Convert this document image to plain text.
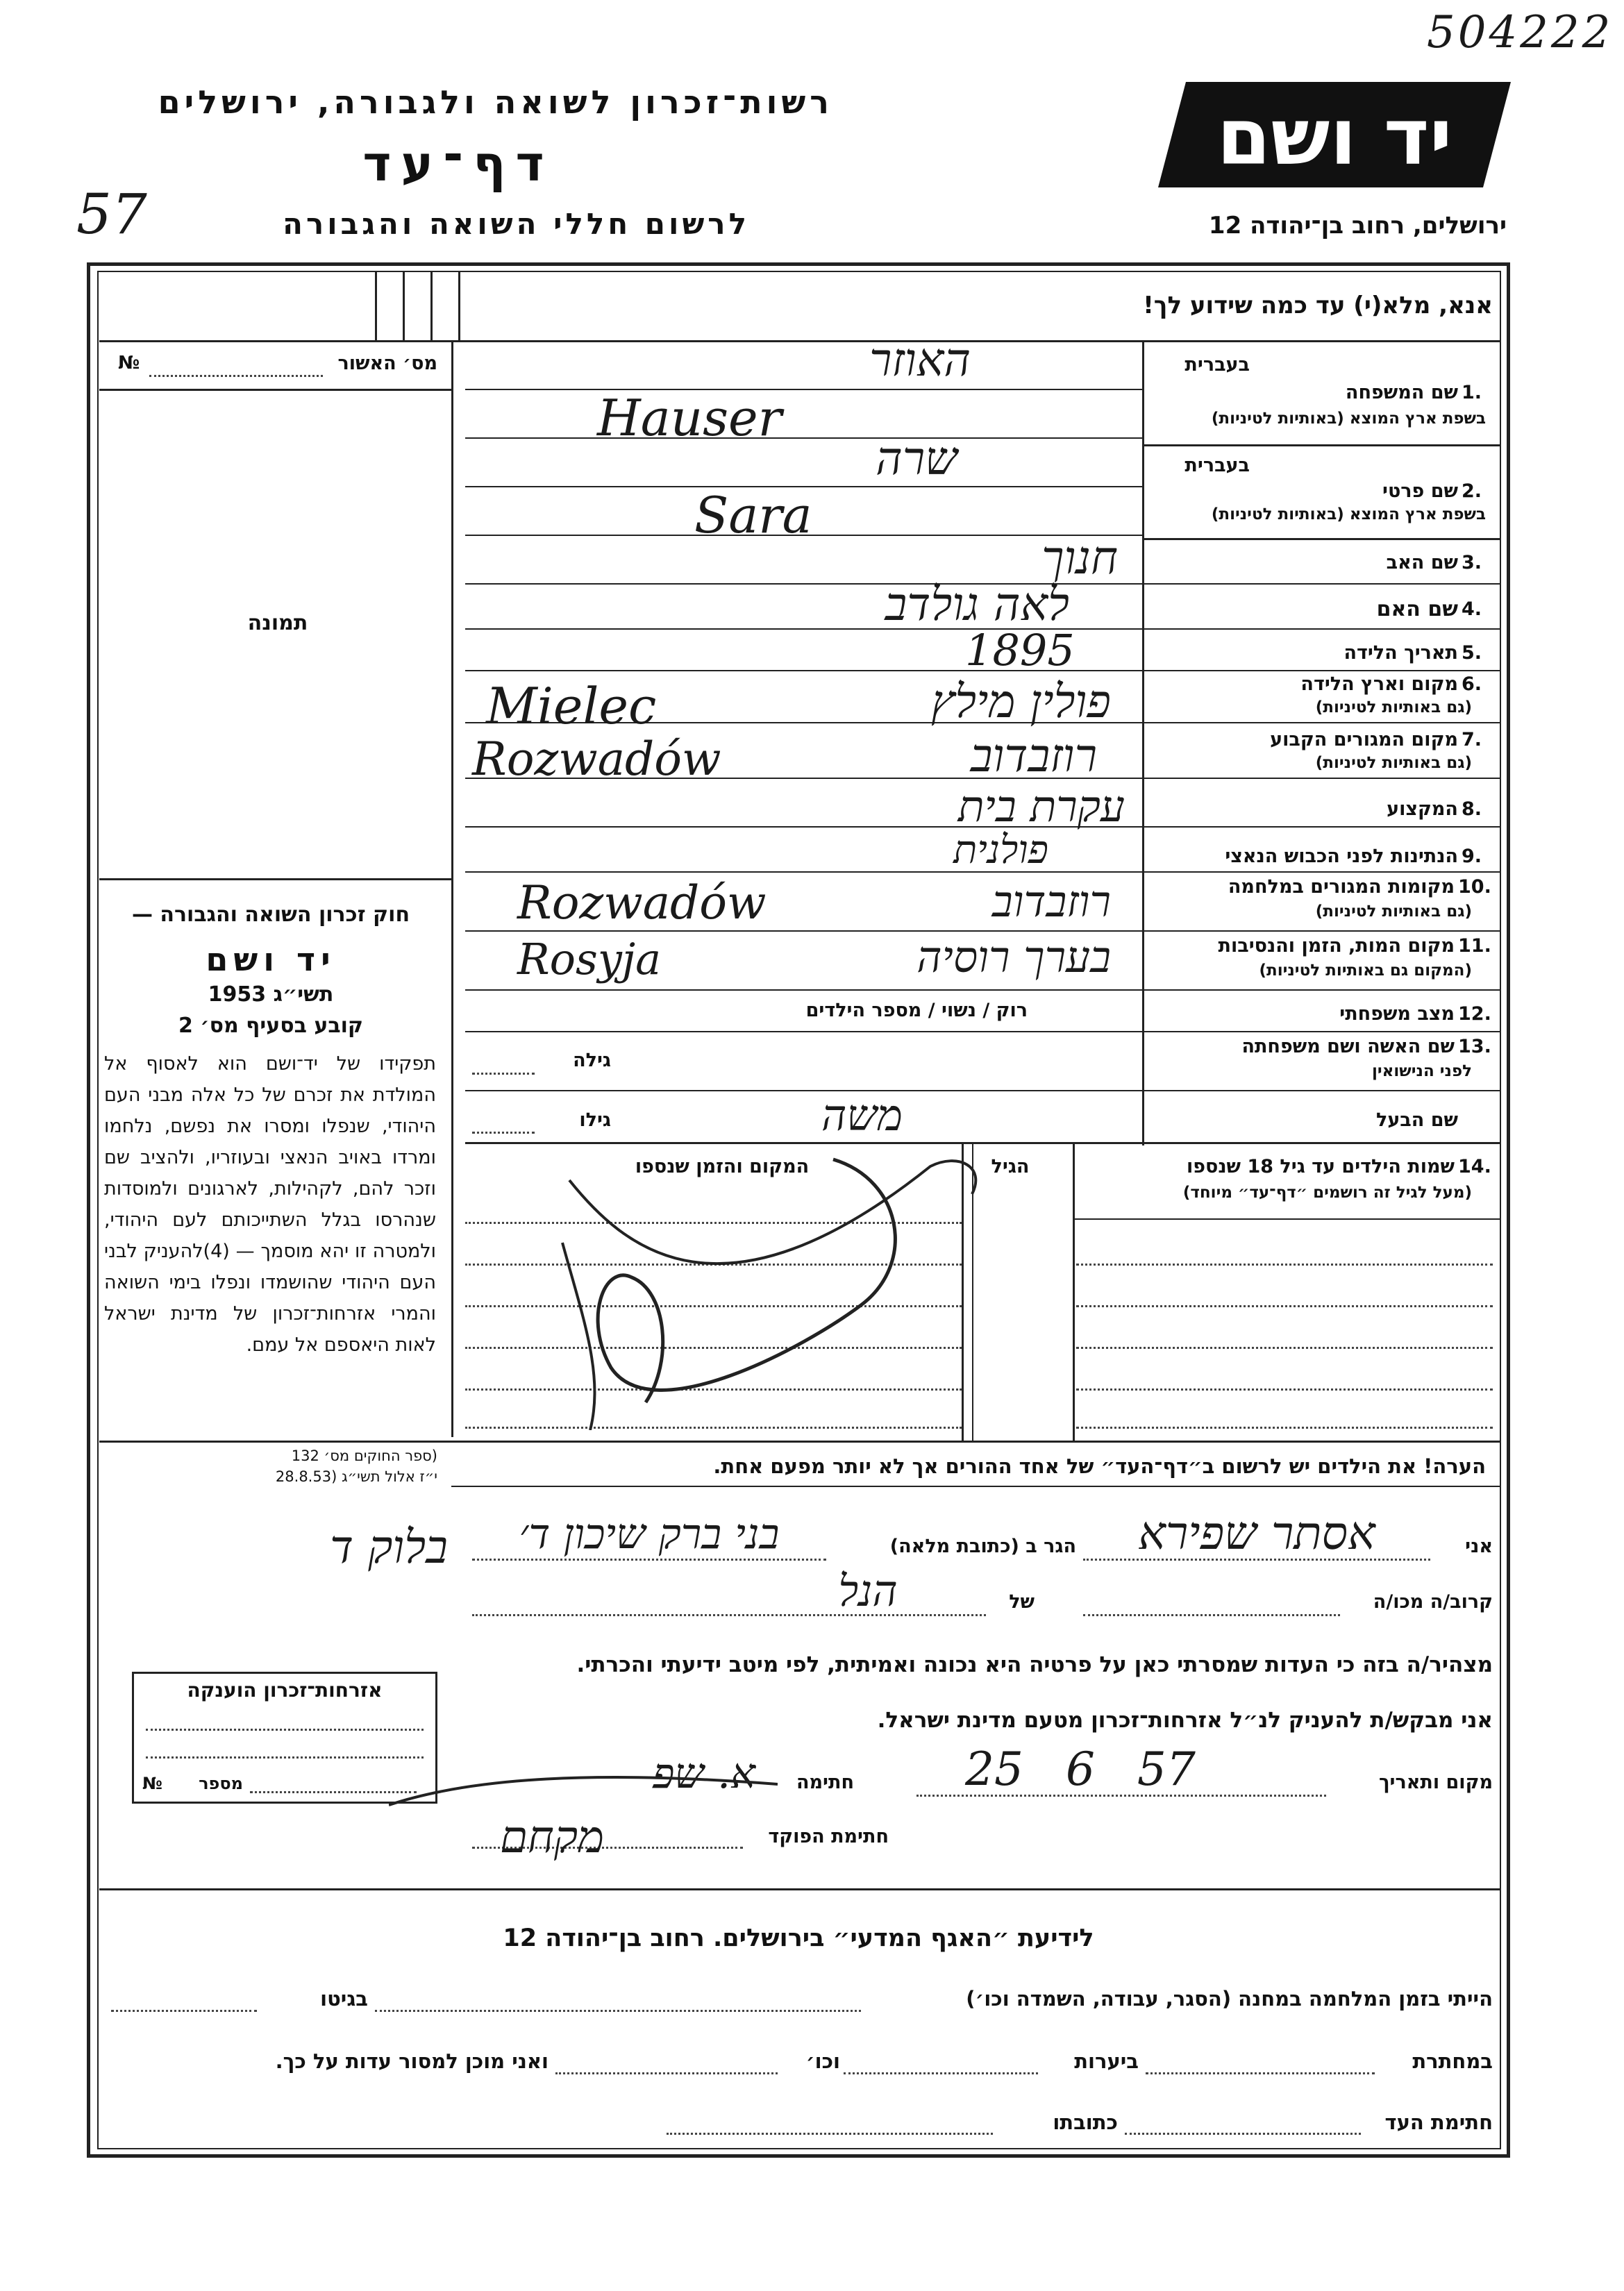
504222
רשות־זכרון לשואה ולגבורה, ירושלים
דף־עד
לרשום חללי השואה והגבורה
57
יד ושם
ירושלים, רחוב בן־יהודה 12
אנא, מלא(י) עד כמה שידוע לך!
מס׳ האשור
№
תמונה
חוק זכרון השואה והגבורה —
יד ושם
תשי״ג 1953
קובע בסעיף מס׳ 2
תפקידו של יד־ושם הוא לאסוף אל המולדת את זכרם של כל אלה מבני העם היהודי, שנפלו ומסרו את נפשם, נלחמו ומרדו באויב הנאצי ובעוזריו, ולהציב שם וזכר להם, לקהילות, לארגונים ולמוסדות שנהרסו בגלל השתייכותם לעם היהודי, ולמטרה זו יהא מוסמך — (4)להעניק לבני העם היהודי שהושמדו ונפלו בימי השואה והמרי אזרחות־זכרון של מדינת ישראל לאות היאספם אל עמם.
(ספר החוקים מס׳ 132
י״ז אלול תשי״ג (28.8.53
בעברית
1.
שם המשפחה
בשפת ארץ המוצא (באותיות לטיניות)
האוזר
Hauser
בעברית
2.
שם פרטי
בשפת ארץ המוצא (באותיות לטיניות)
שרה
Sara
3.
שם האב
חנוך
4.
שם האם
לאה גולדב
5.
תאריך הלידה
1895
6.
מקום וארץ הלידה
(גם באותיות לטיניות)
פולין מילץ
Mielec
7.
מקום המגורים הקבוע
(גם באותיות לטיניות)
רוזבדוב
Rozwadów
8.
המקצוע
עקרת בית
9.
הנתינות לפני הכבוש הנאצי
פולנית
10.
מקומות המגורים במלחמה
(גם באותיות לטיניות)
רוזבדוב
Rozwadów
11.
מקום המות, הזמן והנסיבות
(המקום גם באותיות לטיניות)
בערך רוסיה
Rosyja
12.
מצב משפחתי
רוק / נשוי / מספר הילדים
13.
שם האשה ושם משפחתה
לפני הנישואין
גילה
שם הבעל
גילו	משה
14.
שמות הילדים עד גיל 18 שנספו
(מעל לגיל זה רושמים ״דף־עד״ מיוחד)
הגיל
המקום והזמן שנספו
הערה! את הילדים יש לרשום ב״דף־העד״ של אחד ההורים אך לא יותר מפעם אחת.
אני
אסתר שפירא
הגר ב (כתובת מלאה)
בני ברק שיכון ד׳
בלוק ד
קרוב/ה מכו/ה
של
הנל
מצהיר/ה בזה כי העדות שמסרתי כאן על פרטיה היא נכונה ואמיתית, לפי מיטב ידיעתי והכרתי.
אני מבקש/ת להעניק לנ״ל אזרחות־זכרון מטעם מדינת ישראל.
מקום ותאריך
25 6 57
חתימה
א. שפ
חתימת הפוקד
מקחם
אזרחות־זכרון הוענקה
№	מספר
לידיעת ״האגף המדעי״ בירושלים. רחוב בן־יהודה 12
הייתי בזמן המלחמה במחנה (הסגר, עבודה, השמדה וכו׳)
בגיטו
במחתרת
ביערות
וכו׳
ואני מוכן למסור עדות על כך.
חתימת העד
כתובתו
